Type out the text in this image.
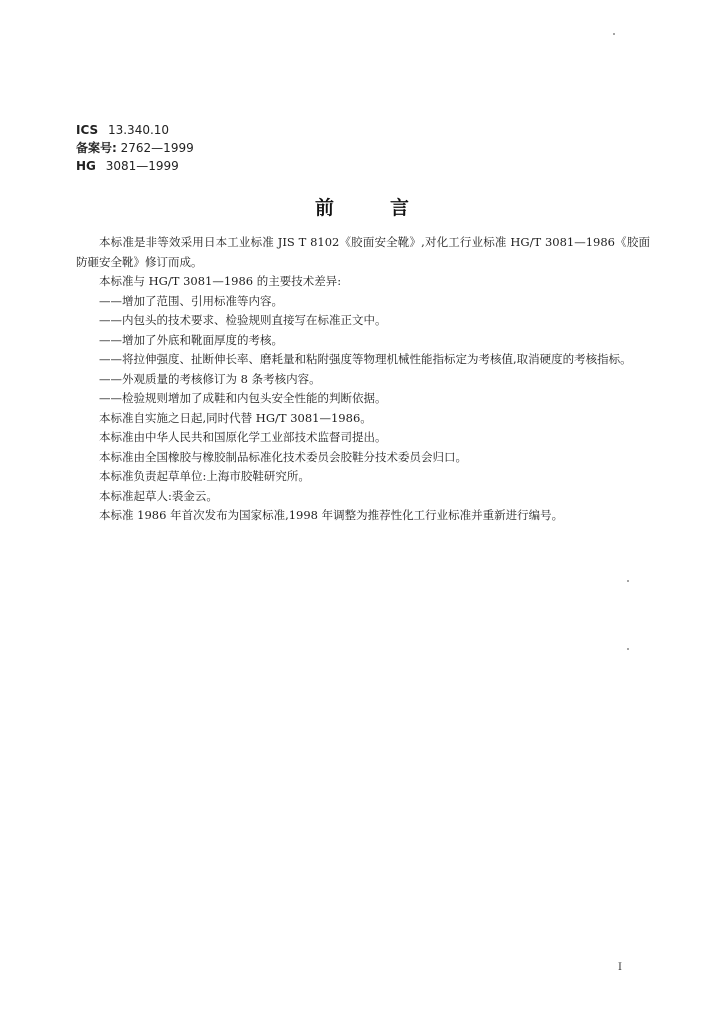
ICS 13.340.10
备案号: 2762—1999
HG 3081—1999
前言

本标准是非等效采用日本工业标准 JIS T 8102《胶面安全靴》,对化工行业标准 HG/T 3081—1986《胶面防砸安全靴》修订而成。

本标准与 HG/T 3081—1986 的主要技术差异:

——增加了范围、引用标准等内容。

——内包头的技术要求、检验规则直接写在标准正文中。

——增加了外底和靴面厚度的考核。

——将拉伸强度、扯断伸长率、磨耗量和粘附强度等物理机械性能指标定为考核值,取消硬度的考核指标。

——外观质量的考核修订为 8 条考核内容。

——检验规则增加了成鞋和内包头安全性能的判断依据。

本标准自实施之日起,同时代替 HG/T 3081—1986。

本标准由中华人民共和国原化学工业部技术监督司提出。

本标准由全国橡胶与橡胶制品标准化技术委员会胶鞋分技术委员会归口。

本标准负责起草单位:上海市胶鞋研究所。

本标准起草人:裘金云。

本标准 1986 年首次发布为国家标准,1998 年调整为推荐性化工行业标准并重新进行编号。

I
